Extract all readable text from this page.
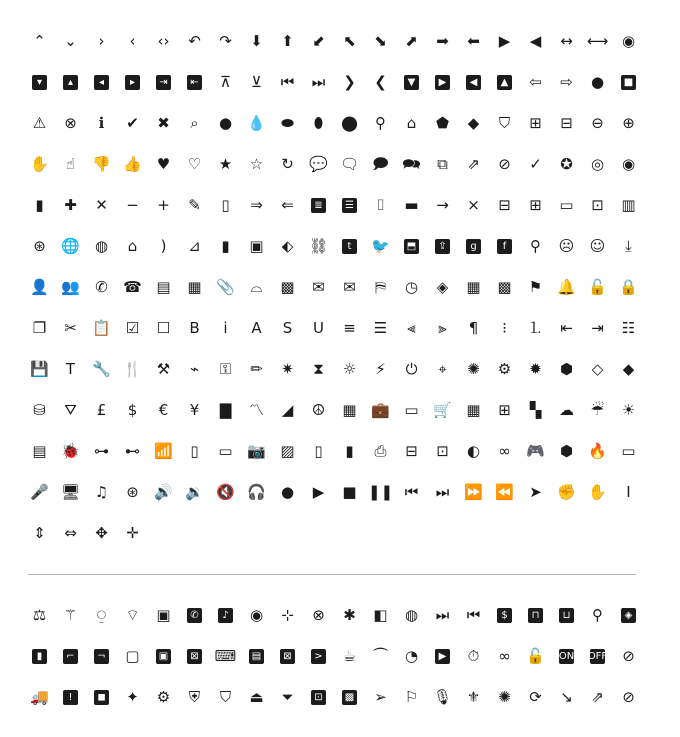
⌃	⌄	›	‹	‹›	↶	↷	⬇	⬆	⬋	⬉	⬊	⬈	➡	⬅	▶	◀	↔ ⟷ ◉
▾	▴	◂	▸	⇥	⇤	⊼	⊻	⏮	⏭	❯	❮	▼	▶	◀	▲	⇦	⇨	●	■
⚠	⊗	ℹ	✔	✖	⌕	●	💧	⬬	⬮	⬤	⚲	⌂	⬟	◆	⛉	⊞	⊟	⊖	⊕
✋	☝	👎 👍 ♥	♡	★	☆	↻	💬 🗨 🗩 🗪	⧉	⇗	⊘	✓	✪	◎	◉
▮	✚	✕	−	+	✎	▯	⇒	⇐	≣	☰	⌷	▬	→	×	⊟	⊞	▭	⊡	▥
⊛	🌐	◍	⌂	)	⊿	▮	▣	⬖	⛓	t	🐦	⬒	⇪	g	f	⚲	☹	☺	⤓
👤 👥	✆	☎ ▤	▦ 📎	⌓	▩	✉	✉	⛿	◷	◈	▦	▩	⚑ 🔔 🔓 🔒
❐	✂	📋 ☑	☐	B	i	A	S	U	≡	☰	⫷	⫸	¶	⁝	⒈	⇤	⇥	☷
💾	T	🔧 🍴 ⚒	⌁	⚿	✏	✷	⧗	☼	⚡	⏻	⌖	✺	⚙	✹	⬢	◇	◆
⛁	⛛	£	$	€	¥	▇	〽	◢	☮	▦ 💼 ▭ 🛒 ▦	⊞	▚	☁	☔	☀
▤ 🐞 ⊶	⊷ 📶	▯	▭ 📷 ▨	▯	▮	⎙	⊟	⊡	◐	∞	🎮	⬢	🔥 ▭
🎤 🖥 ♫	⊛	🔊 🔉 🔇 🎧	●	▶	■ ❚❚ ⏮	⏭ ⏩ ⏪	➤	✊ ✋	I
⇕	⇔	✥	✛
⚖	⚚	⍜	⌔	▣	✆	♪	◉	⊹	⊗	✱	◧	◍	⏭	⏮	$	⊓	⊔	⚲	◈
▮	⌐	¬	▢	▣	⊠	⌨	▤	⊠	>	☕	⏜	◔	▶	⏱	∞	🔓	ON OFF	⊘
🚚	!	◼	✦	⚙	⛨	⛉	⏏	⏷	⊡	▩	➢	⚐ 🎙 ⚜	✺	⟳	↘	⇗	⊘
